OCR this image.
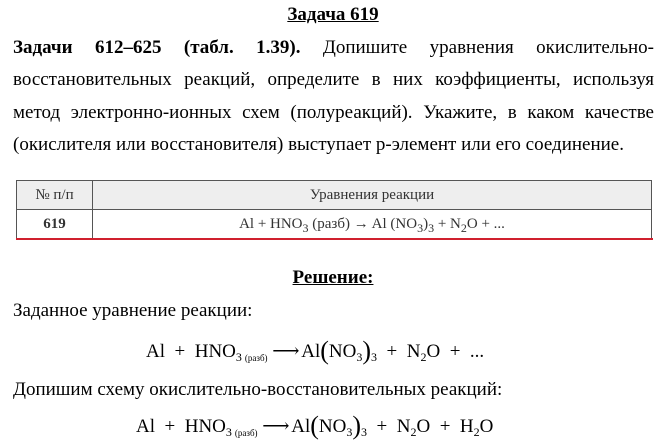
Задача 619
Задачи 612–625 (табл. 1.39). Допишите уравнения окислительно-восстановительных реакций, определите в них коэффициенты, используя метод электронно-ионных схем (полуреакций). Укажите, в каком качестве (окислителя или восстановителя) выступает p-элемент или его соединение.
№ п/п	Уравнения реакции
619	$Al + HNO_3$ (разб) → Al $(NO_3)_3 + N_2O$ + ...
Решение:
Заданное уравнение реакции:
$Al + HNO_{3 (разб)}$ ⟶ $Al(NO_3)_3 + N_2O$ + ...
Допишим схему окислительно-восстановительных реакций:
$Al + HNO_{3 (разб)}$ ⟶ $Al(NO_3)_3 + N_2O + H_2O$
